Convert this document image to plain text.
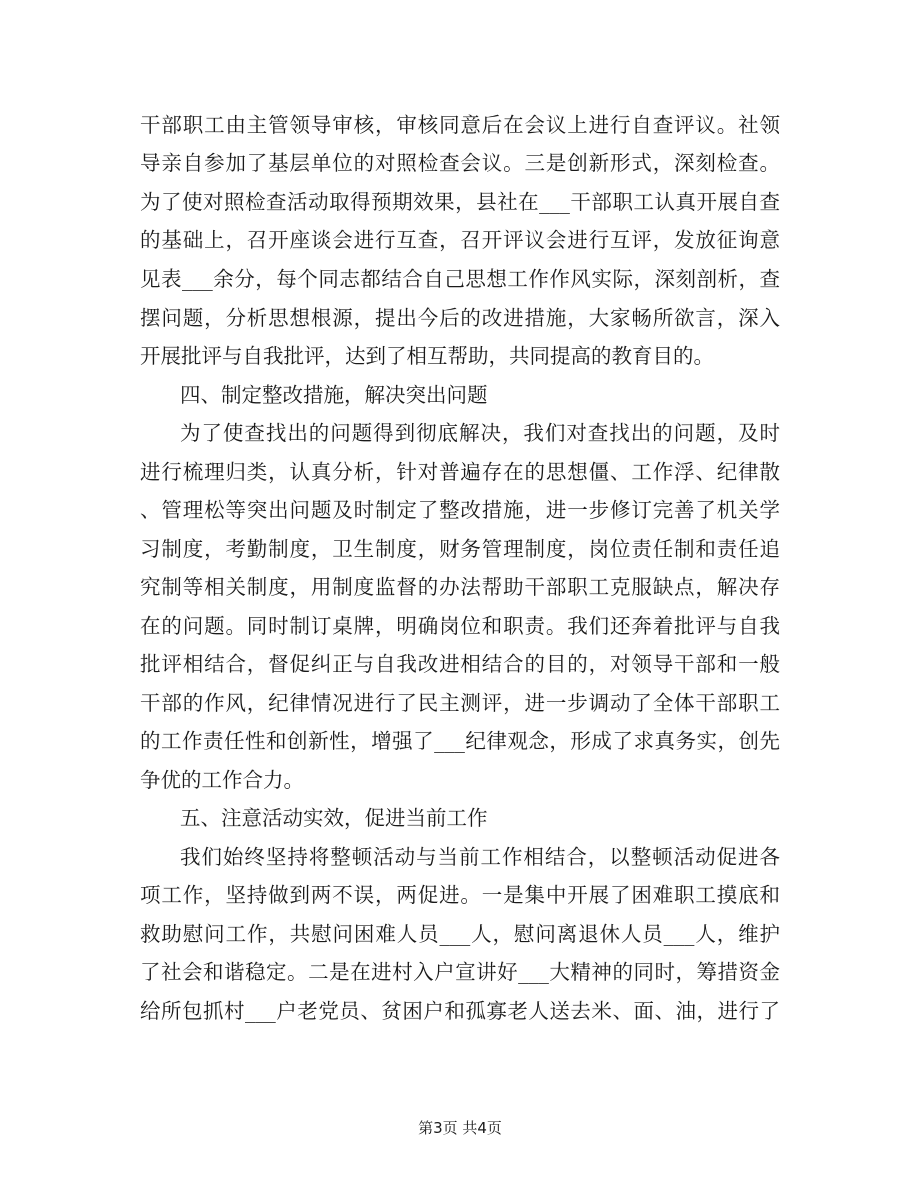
干部职工由主管领导审核，审核同意后在会议上进行自查评议。社领
导亲自参加了基层单位的对照检查会议。三是创新形式，深刻检查。
为了使对照检查活动取得预期效果，县社在___干部职工认真开展自查
的基础上，召开座谈会进行互查，召开评议会进行互评，发放征询意
见表___余分，每个同志都结合自己思想工作作风实际，深刻剖析，查
摆问题，分析思想根源，提出今后的改进措施，大家畅所欲言，深入
开展批评与自我批评，达到了相互帮助，共同提高的教育目的。
四、制定整改措施，解决突出问题
为了使查找出的问题得到彻底解决，我们对查找出的问题，及时
进行梳理归类，认真分析，针对普遍存在的思想僵、工作浮、纪律散
、管理松等突出问题及时制定了整改措施，进一步修订完善了机关学
习制度，考勤制度，卫生制度，财务管理制度，岗位责任制和责任追
究制等相关制度，用制度监督的办法帮助干部职工克服缺点，解决存
在的问题。同时制订桌牌，明确岗位和职责。我们还奔着批评与自我
批评相结合，督促纠正与自我改进相结合的目的，对领导干部和一般
干部的作风，纪律情况进行了民主测评，进一步调动了全体干部职工
的工作责任性和创新性，增强了___纪律观念，形成了求真务实，创先
争优的工作合力。
五、注意活动实效，促进当前工作
我们始终坚持将整顿活动与当前工作相结合，以整顿活动促进各
项工作，坚持做到两不误，两促进。一是集中开展了困难职工摸底和
救助慰问工作，共慰问困难人员___人，慰问离退休人员___人，维护
了社会和谐稳定。二是在进村入户宣讲好___大精神的同时，筹措资金
给所包抓村___户老党员、贫困户和孤寡老人送去米、面、油，进行了
第3页 共4页
